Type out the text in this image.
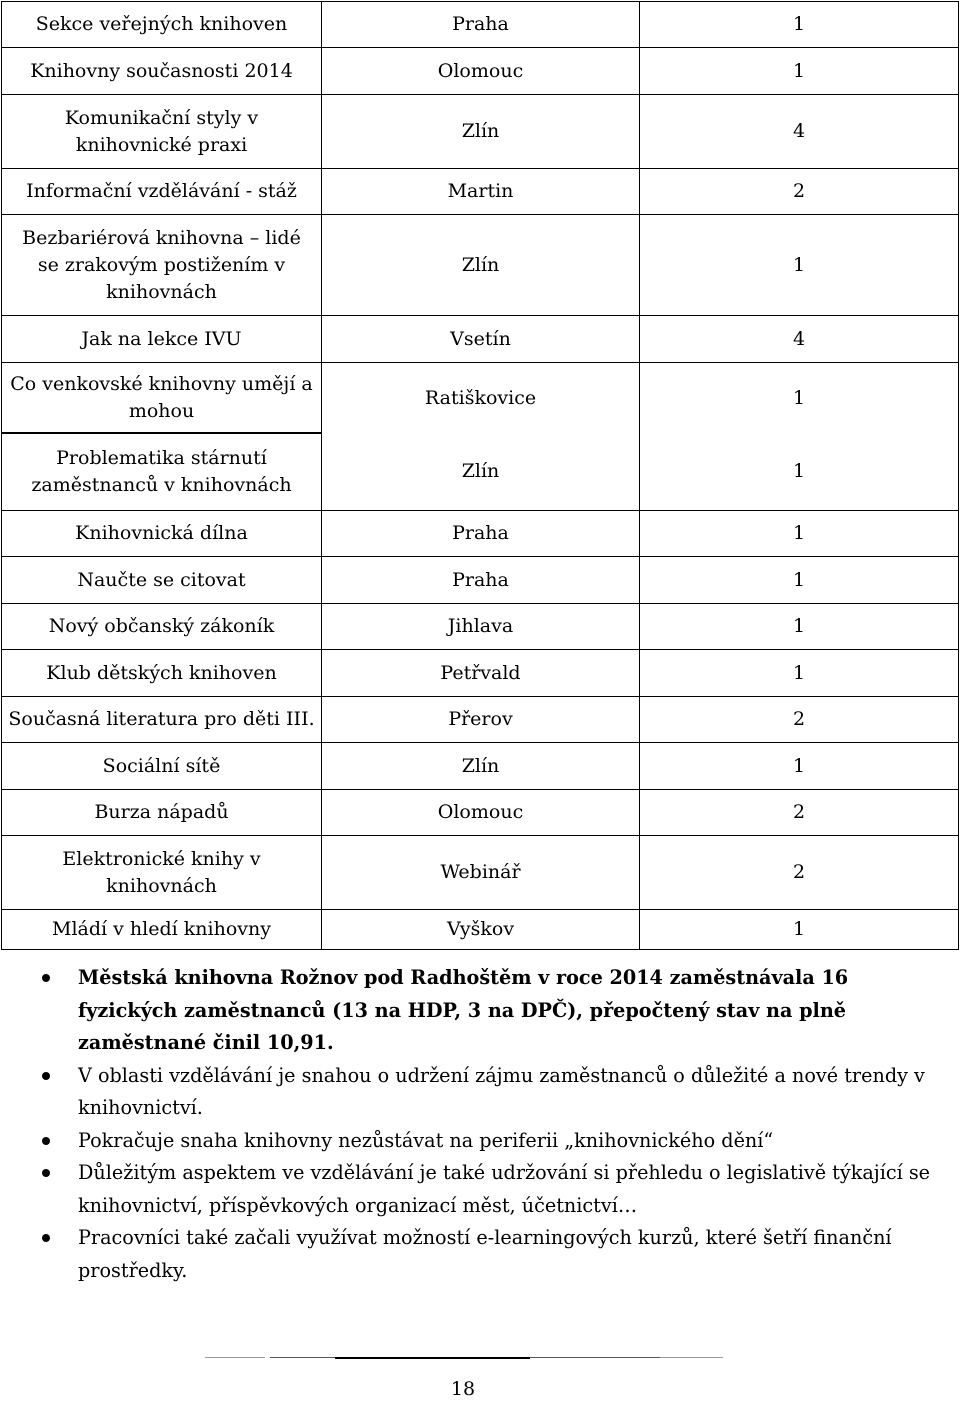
Sekce veřejných knihoven	Praha	1
Knihovny současnosti 2014	Olomouc	1
Komunikační styly v knihovnické praxi	Zlín	4
Informační vzdělávání - stáž	Martin	2
Bezbariérová knihovna – lidé se zrakovým postižením v knihovnách	Zlín	1
Jak na lekce IVU	Vsetín	4
Co venkovské knihovny umějí a mohou	Ratiškovice	1

Problematika stárnutí zaměstnanců v knihovnách	Zlín	1
Knihovnická dílna	Praha	1
Naučte se citovat	Praha	1
Nový občanský zákoník	Jihlava	1
Klub dětských knihoven	Petřvald	1
Současná literatura pro děti III.	Přerov	2
Sociální sítě	Zlín	1
Burza nápadů	Olomouc	2
Elektronické knihy v knihovnách	Webinář	2
Mládí v hledí knihovny	Vyškov	1
Městská knihovna Rožnov pod Radhoštěm v roce 2014 zaměstnávala 16 fyzických zaměstnanců (13 na HDP, 3 na DPČ), přepočtený stav na plně zaměstnané činil 10,91.
V oblasti vzdělávání je snahou o udržení zájmu zaměstnanců o důležité a nové trendy v knihovnictví.
Pokračuje snaha knihovny nezůstávat na periferii „knihovnického dění“
Důležitým aspektem ve vzdělávání je také udržování si přehledu o legislativě týkající se knihovnictví, příspěvkových organizací měst, účetnictví…
Pracovníci také začali využívat možností e-learningových kurzů, které šetří finanční prostředky.
18
